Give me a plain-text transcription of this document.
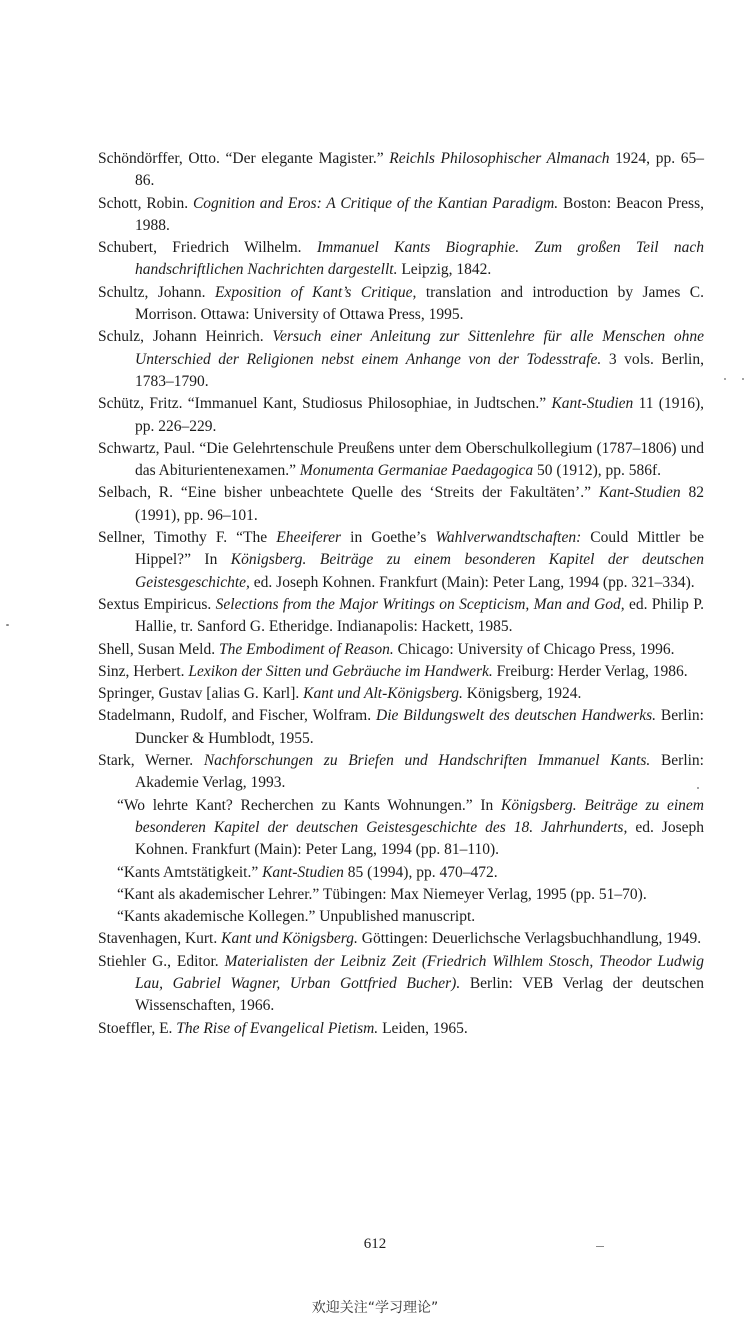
Schöndörffer, Otto. “Der elegante Magister.” Reichls Philosophischer Almanach 1924, pp. 65–86.
Schott, Robin. Cognition and Eros: A Critique of the Kantian Paradigm. Boston: Beacon Press, 1988.
Schubert, Friedrich Wilhelm. Immanuel Kants Biographie. Zum großen Teil nach handschriftlichen Nachrichten dargestellt. Leipzig, 1842.
Schultz, Johann. Exposition of Kant’s Critique, translation and introduction by James C. Morrison. Ottawa: University of Ottawa Press, 1995.
Schulz, Johann Heinrich. Versuch einer Anleitung zur Sittenlehre für alle Menschen ohne Unterschied der Religionen nebst einem Anhange von der Todesstrafe. 3 vols. Berlin, 1783–1790.
Schütz, Fritz. “Immanuel Kant, Studiosus Philosophiae, in Judtschen.” Kant-Studien 11 (1916), pp. 226–229.
Schwartz, Paul. “Die Gelehrtenschule Preußens unter dem Oberschulkollegium (1787–1806) und das Abiturientenexamen.” Monumenta Germaniae Paedagogica 50 (1912), pp. 586f.
Selbach, R. “Eine bisher unbeachtete Quelle des ‘Streits der Fakultäten’.” Kant-Studien 82 (1991), pp. 96–101.
Sellner, Timothy F. “The Eheeiferer in Goethe’s Wahlverwandtschaften: Could Mittler be Hippel?” In Königsberg. Beiträge zu einem besonderen Kapitel der deutschen Geistesgeschichte, ed. Joseph Kohnen. Frankfurt (Main): Peter Lang, 1994 (pp. 321–334).
Sextus Empiricus. Selections from the Major Writings on Scepticism, Man and God, ed. Philip P. Hallie, tr. Sanford G. Etheridge. Indianapolis: Hackett, 1985.
Shell, Susan Meld. The Embodiment of Reason. Chicago: University of Chicago Press, 1996.
Sinz, Herbert. Lexikon der Sitten und Gebräuche im Handwerk. Freiburg: Herder Verlag, 1986.
Springer, Gustav [alias G. Karl]. Kant und Alt-Königsberg. Königsberg, 1924.
Stadelmann, Rudolf, and Fischer, Wolfram. Die Bildungswelt des deutschen Handwerks. Berlin: Duncker & Humblodt, 1955.
Stark, Werner. Nachforschungen zu Briefen und Handschriften Immanuel Kants. Berlin: Akademie Verlag, 1993.
“Wo lehrte Kant? Recherchen zu Kants Wohnungen.” In Königsberg. Beiträge zu einem besonderen Kapitel der deutschen Geistesgeschichte des 18. Jahrhunderts, ed. Joseph Kohnen. Frankfurt (Main): Peter Lang, 1994 (pp. 81–110).
“Kants Amtstätigkeit.” Kant-Studien 85 (1994), pp. 470–472.
“Kant als akademischer Lehrer.” Tübingen: Max Niemeyer Verlag, 1995 (pp. 51–70).
“Kants akademische Kollegen.” Unpublished manuscript.
Stavenhagen, Kurt. Kant und Königsberg. Göttingen: Deuerlichsche Verlagsbuchhandlung, 1949.
Stiehler G., Editor. Materialisten der Leibniz Zeit (Friedrich Wilhlem Stosch, Theodor Ludwig Lau, Gabriel Wagner, Urban Gottfried Bucher). Berlin: VEB Verlag der deutschen Wissenschaften, 1966.
Stoeffler, E. The Rise of Evangelical Pietism. Leiden, 1965.
612
欢迎关注“学习理论”
